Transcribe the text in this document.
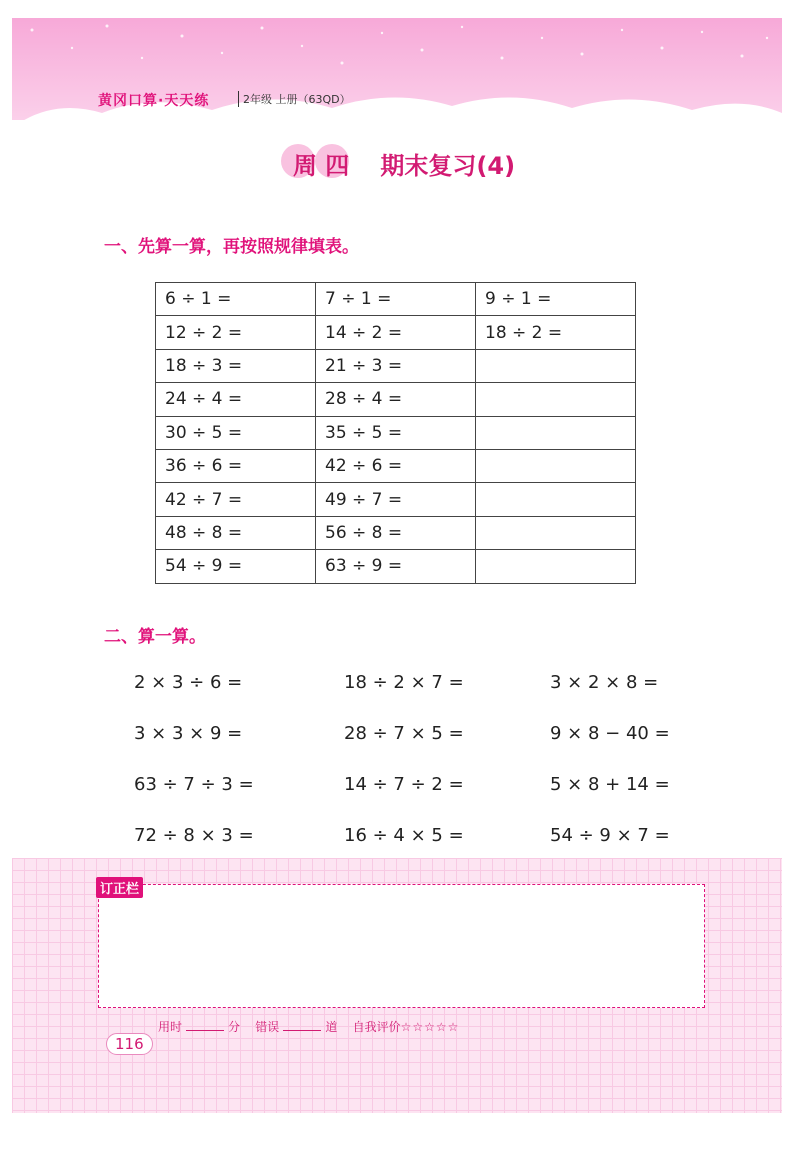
黄冈口算·天天练	2年级 上册（63QD）
周 四 期末复习(4)
一、先算一算，再按照规律填表。
6 ÷ 1 =	7 ÷ 1 =	9 ÷ 1 =
12 ÷ 2 =	14 ÷ 2 =	18 ÷ 2 =
18 ÷ 3 =	21 ÷ 3 =	
24 ÷ 4 =	28 ÷ 4 =	
30 ÷ 5 =	35 ÷ 5 =	
36 ÷ 6 =	42 ÷ 6 =	
42 ÷ 7 =	49 ÷ 7 =	
48 ÷ 8 =	56 ÷ 8 =	
54 ÷ 9 =	63 ÷ 9 =	
二、算一算。
2 × 3 ÷ 6 =	18 ÷ 2 × 7 =	3 × 2 × 8 =
3 × 3 × 9 =	28 ÷ 7 × 5 =	9 × 8 − 40 =
63 ÷ 7 ÷ 3 =	14 ÷ 7 ÷ 2 =	5 × 8 + 14 =
72 ÷ 8 × 3 =	16 ÷ 4 × 5 =	54 ÷ 9 × 7 =
订正栏
用时	分 错误	道 自我评价☆☆☆☆☆
116
